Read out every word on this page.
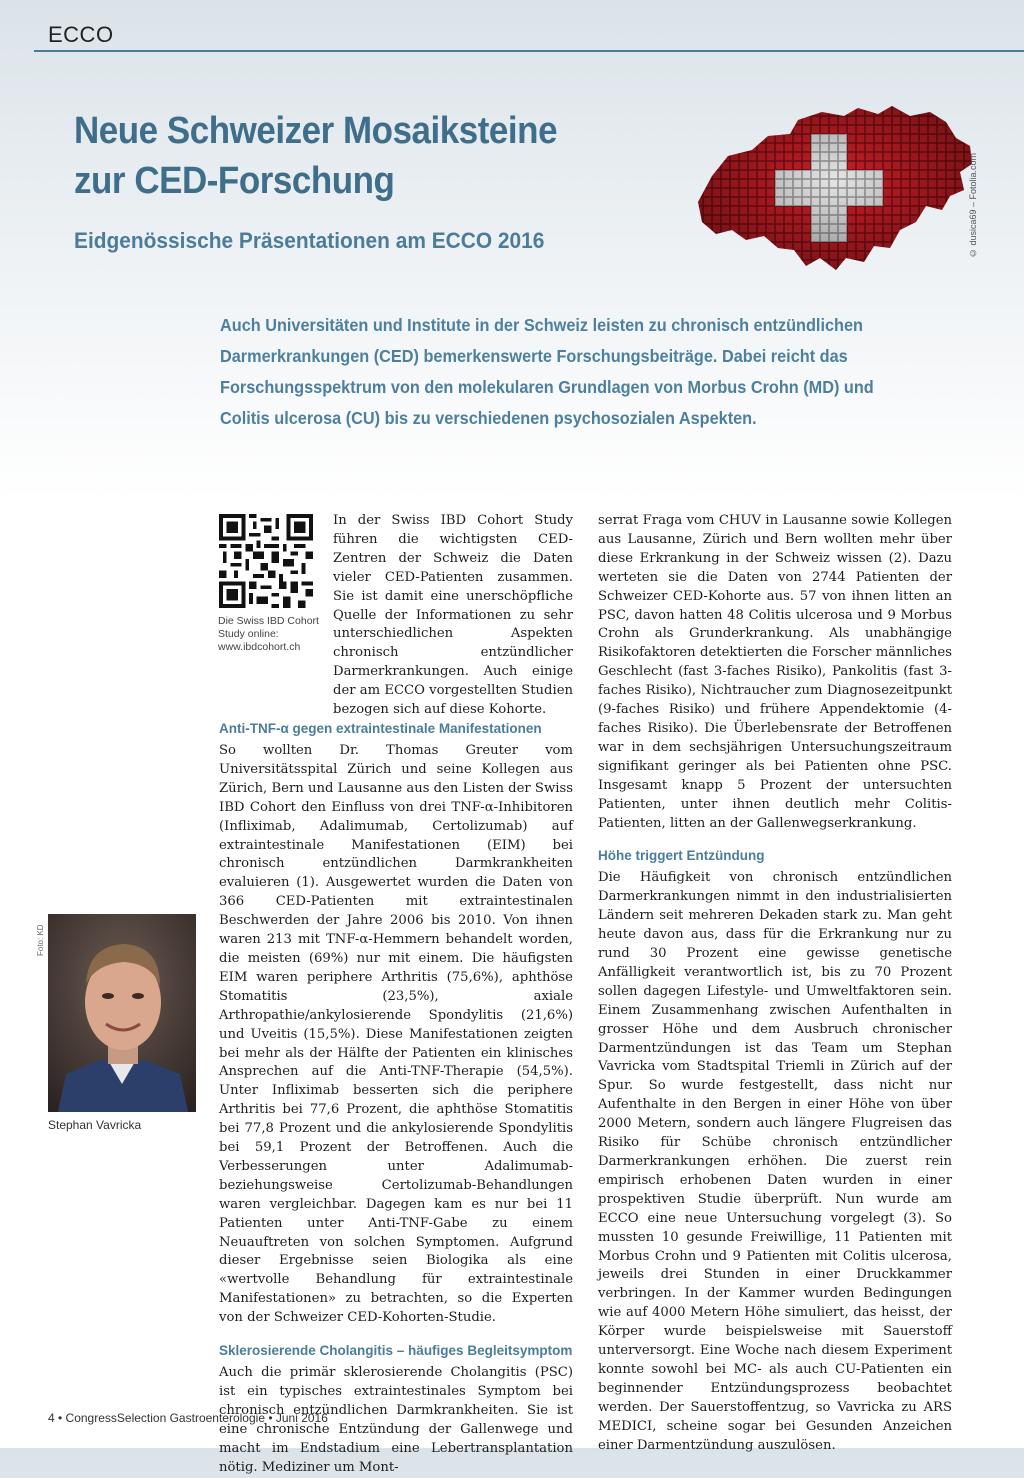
ECCO
Neue Schweizer Mosaiksteine
zur CED-Forschung
Eidgenössische Präsentationen am ECCO 2016	© dusica69 – Fotolia.com

Auch Universitäten und Institute in der Schweiz leisten zu chronisch entzündlichen Darmerkrankungen (CED) bemerkenswerte Forschungsbeiträge. Dabei reicht das Forschungsspektrum von den molekularen Grundlagen von Morbus Crohn (MD) und Colitis ulcerosa (CU) bis zu verschiedenen psychosozialen Aspekten.

Die Swiss IBD Cohort Study online: www.ibdcohort.ch
In der Swiss IBD Cohort Study führen die wichtigsten CED-Zentren der Schweiz die Daten vieler CED-Patienten zusammen. Sie ist damit eine unerschöpfliche Quelle der Informationen zu sehr unterschiedlichen Aspekten chronisch entzündlicher Darmerkrankungen. Auch einige der am ECCO vorgestellten Studien bezogen sich auf diese Kohorte.
Anti-TNF-α gegen extraintestinale Manifestationen

So wollten Dr. Thomas Greuter vom Universitätsspital Zürich und seine Kollegen aus Zürich, Bern und Lausanne aus den Listen der Swiss IBD Cohort den Einfluss von drei TNF-α-Inhibitoren (Infliximab, Adalimumab, Certolizumab) auf extraintestinale Manifestationen (EIM) bei chronisch entzündlichen Darmkrankheiten evaluieren (1). Ausgewertet wurden die Daten von 366 CED-Patienten mit extraintestinalen Beschwerden der Jahre 2006 bis 2010. Von ihnen waren 213 mit TNF-α-Hemmern behandelt worden, die meisten (69%) nur mit einem. Die häufigsten EIM waren periphere Arthritis (75,6%), aphthöse Stomatitis (23,5%), axiale Arthropathie/ankylosierende Spondylitis (21,6%) und Uveitis (15,5%). Diese Manifestationen zeigten bei mehr als der Hälfte der Patienten ein klinisches Ansprechen auf die Anti-TNF-Therapie (54,5%). Unter Infliximab besserten sich die periphere Arthritis bei 77,6 Prozent, die aphthöse Stomatitis bei 77,8 Prozent und die ankylosierende Spondylitis bei 59,1 Prozent der Betroffenen. Auch die Verbesserungen unter Adalimumab- beziehungsweise Certolizumab-Behandlungen waren vergleichbar. Dagegen kam es nur bei 11 Patienten unter Anti-TNF-Gabe zu einem Neuauftreten von solchen Symptomen. Aufgrund dieser Ergebnisse seien Biologika als eine «wertvolle Behandlung für extraintestinale Manifestationen» zu betrachten, so die Experten von der Schweizer CED-Kohorten-Studie.

Sklerosierende Cholangitis – häufiges Begleitsymptom

Auch die primär sklerosierende Cholangitis (PSC) ist ein typisches extraintestinales Symptom bei chronisch entzündlichen Darmkrankheiten. Sie ist eine chronische Entzündung der Gallenwege und macht im Endstadium eine Lebertransplantation nötig. Mediziner um Mont-

serrat Fraga vom CHUV in Lausanne sowie Kollegen aus Lausanne, Zürich und Bern wollten mehr über diese Erkrankung in der Schweiz wissen (2). Dazu werteten sie die Daten von 2744 Patienten der Schweizer CED-Kohorte aus. 57 von ihnen litten an PSC, davon hatten 48 Colitis ulcerosa und 9 Morbus Crohn als Grunderkrankung. Als unabhängige Risikofaktoren detektierten die Forscher männliches Geschlecht (fast 3-faches Risiko), Pankolitis (fast 3-faches Risiko), Nichtraucher zum Diagnosezeitpunkt (9-faches Risiko) und frühere Appendektomie (4-faches Risiko). Die Überlebensrate der Betroffenen war in dem sechsjährigen Untersuchungszeitraum signifikant geringer als bei Patienten ohne PSC. Insgesamt knapp 5 Prozent der untersuchten Patienten, unter ihnen deutlich mehr Colitis-Patienten, litten an der Gallenwegserkrankung.

Höhe triggert Entzündung

Die Häufigkeit von chronisch entzündlichen Darmerkrankungen nimmt in den industrialisierten Ländern seit mehreren Dekaden stark zu. Man geht heute davon aus, dass für die Erkrankung nur zu rund 30 Prozent eine gewisse genetische Anfälligkeit verantwortlich ist, bis zu 70 Prozent sollen dagegen Lifestyle- und Umweltfaktoren sein. Einem Zusammenhang zwischen Aufenthalten in grosser Höhe und dem Ausbruch chronischer Darmentzündungen ist das Team um Stephan Vavricka vom Stadtspital Triemli in Zürich auf der Spur. So wurde festgestellt, dass nicht nur Aufenthalte in den Bergen in einer Höhe von über 2000 Metern, sondern auch längere Flugreisen das Risiko für Schübe chronisch entzündlicher Darmerkrankungen erhöhen. Die zuerst rein empirisch erhobenen Daten wurden in einer prospektiven Studie überprüft. Nun wurde am ECCO eine neue Untersuchung vorgelegt (3). So mussten 10 gesunde Freiwillige, 11 Patienten mit Morbus Crohn und 9 Patienten mit Colitis ulcerosa, jeweils drei Stunden in einer Druckkammer verbringen. In der Kammer wurden Bedingungen wie auf 4000 Metern Höhe simuliert, das heisst, der Körper wurde beispielsweise mit Sauerstoff unterversorgt. Eine Woche nach diesem Experiment konnte sowohl bei MC- als auch CU-Patienten ein beginnender Entzündungsprozess beobachtet werden. Der Sauerstoffentzug, so Vavricka zu ARS MEDICI, scheine sogar bei Gesunden Anzeichen einer Darmentzündung auszulösen.

Foto: KD
Stephan Vavricka
4 • CongressSelection Gastroenterologie • Juni 2016
